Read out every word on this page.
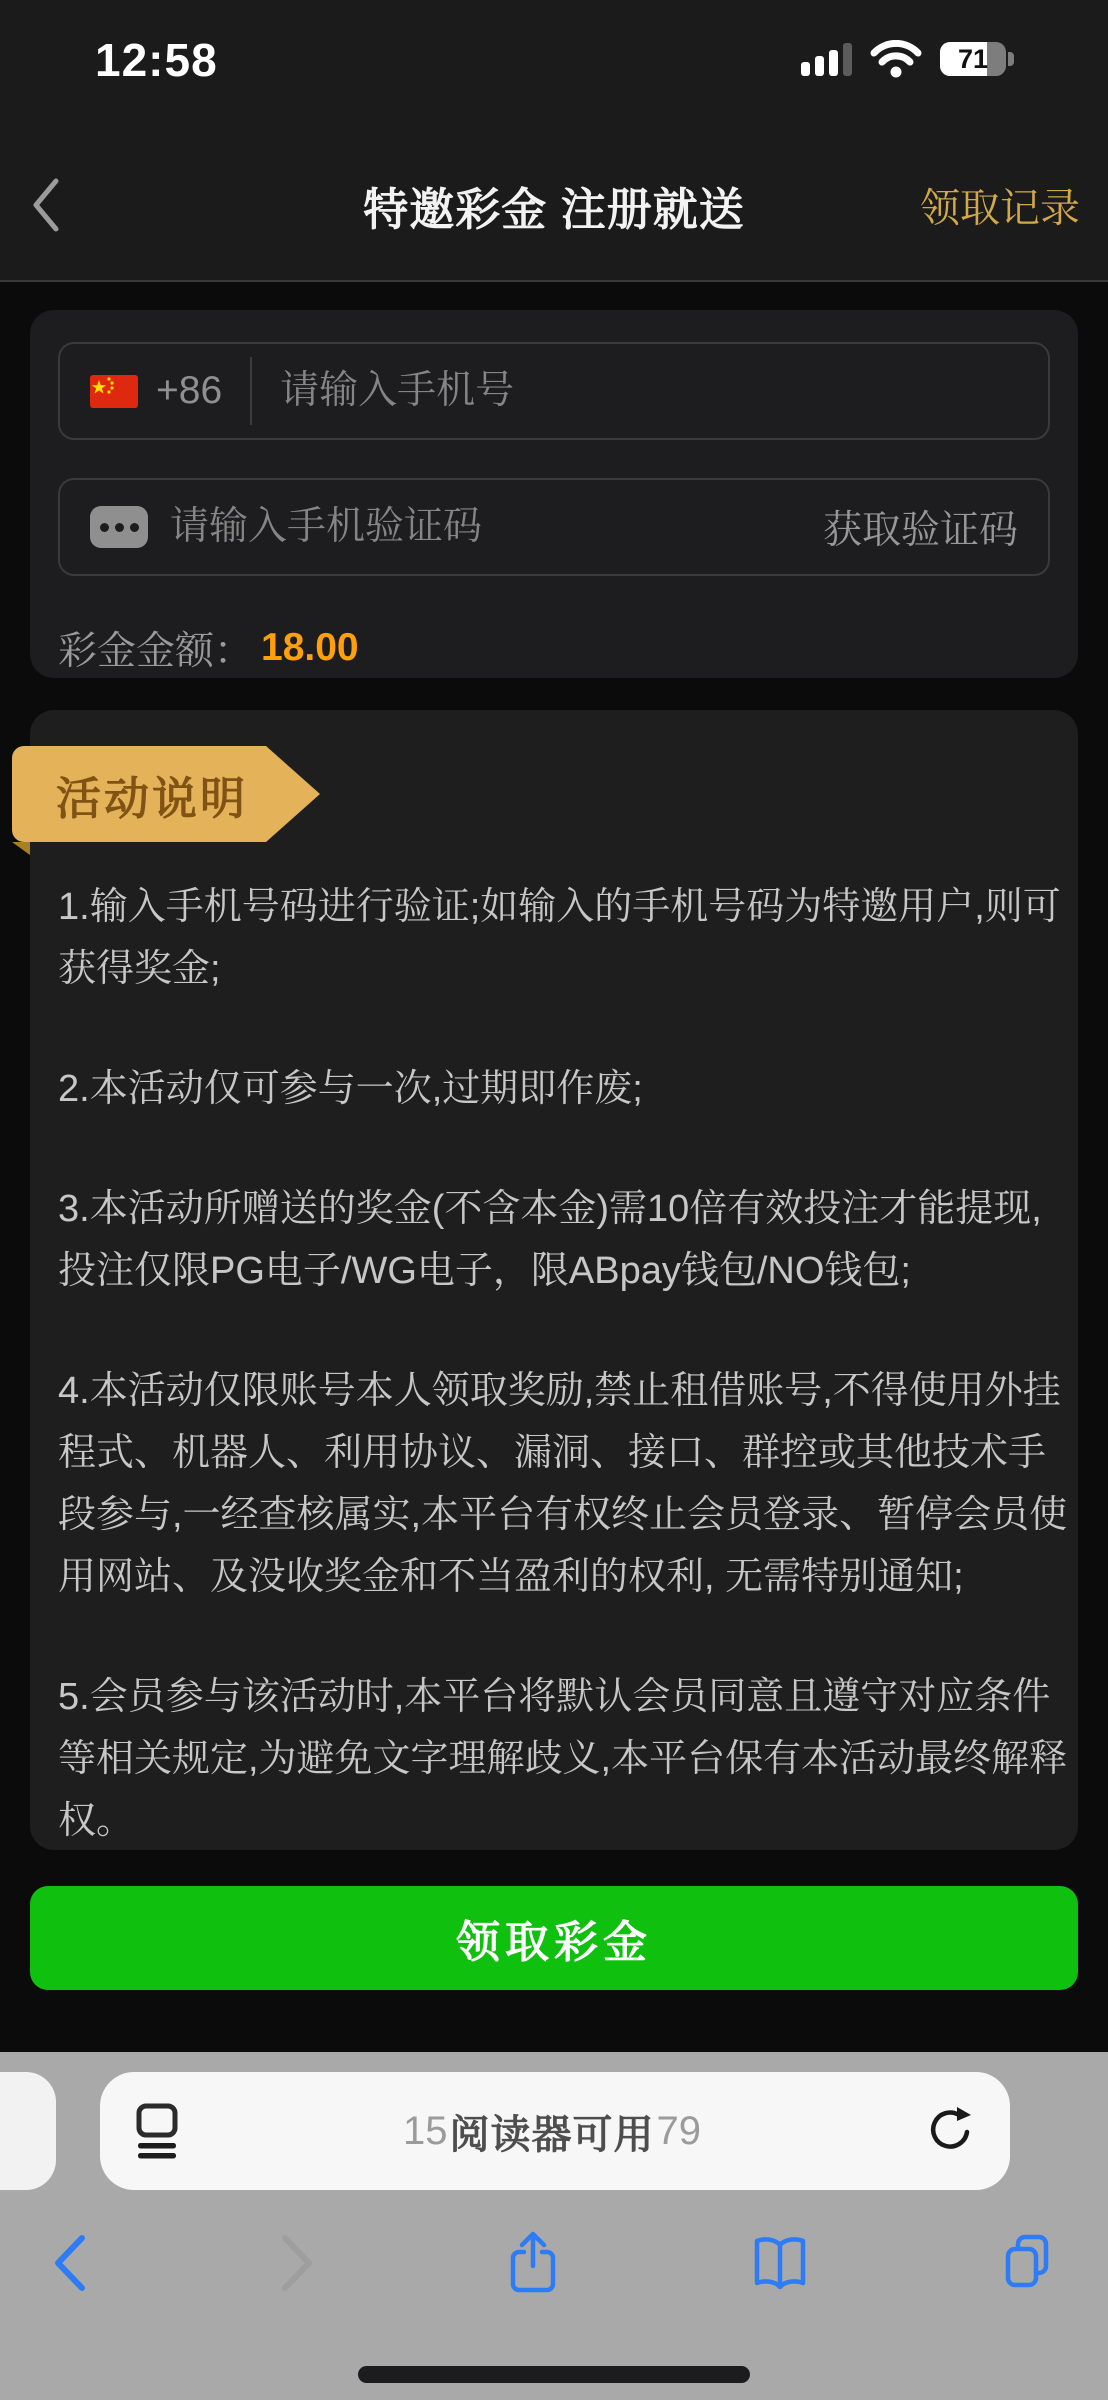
12:58	71
特邀彩金 注册就送	领取记录
+86
请输入手机号
请输入手机验证码
获取验证码
彩金金额： 18.00
活动说明

1.输入手机号码进行验证;如输入的手机号码为特邀用户,则可
获得奖金;

2.本活动仅可参与一次,过期即作废;

3.本活动所赠送的奖金(不含本金)需10倍有效投注才能提现,
投注仅限PG电子/WG电子，限ABpay钱包/NO钱包;

4.本活动仅限账号本人领取奖励,禁止租借账号,不得使用外挂
程式、机器人、利用协议、漏洞、接口、群控或其他技术手
段参与,一经查核属实,本平台有权终止会员登录、暂停会员使
用网站、及没收奖金和不当盈利的权利, 无需特别通知;

5.会员参与该活动时,本平台将默认会员同意且遵守对应条件
等相关规定,为避免文字理解歧义,本平台保有本活动最终解释
权。

领取彩金
15 阅读器可用 79
